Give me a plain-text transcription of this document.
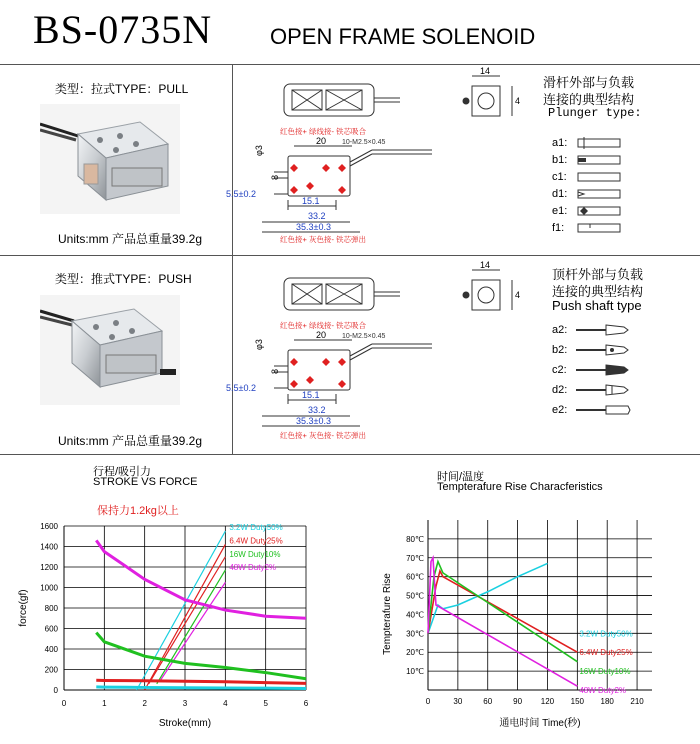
BS-0735N	OPEN FRAME SOLENOID
类型：拉式TYPE：PULL
Units:mm 产品总重量39.2g
红色接+ 绿线接- 铁芯吸合
10-M2.5×0.45
20
φ3
8
5.5±0.2
15.1
33.2
35.3±0.3
红色接+ 灰色接- 铁芯弹出
14
4
滑杆外部与负载
连接的典型结构
Plunger type:
a1:
b1:
c1:
d1:
e1:
f1:
类型：推式TYPE：PUSH
Units:mm 产品总重量39.2g
红色接+ 绿线接- 铁芯吸合
10-M2.5×0.45
20
φ3
8
5.5±0.2
15.1
33.2
35.3±0.3
红色接+ 灰色接- 铁芯弹出
14
4
顶杆外部与负载
连接的典型结构
Push shaft type
a2:
b2:
c2:
d2:
e2:
行程/吸引力
STROKE VS FORCE
保持力1.2kg以上
0
200
400
600
800
1000
1200
1400
1600
0	1	2	3	4	5	6
3.2W Duty50%
6.4W Duty25%
16W Duty10%
48W Duty2%
Stroke(mm)
force(gf)
时间/温度
Tempterafure Rise Characferistics
10℃
20℃
30℃
40℃
50℃
60℃
70℃
80℃
0	30	60	90 120 150 180 210
3.2W Duty50%
6.4W Duty25%
16W Duty10%
48W Duty2%
通电时间 Time(秒)
Tempterafure Rise
